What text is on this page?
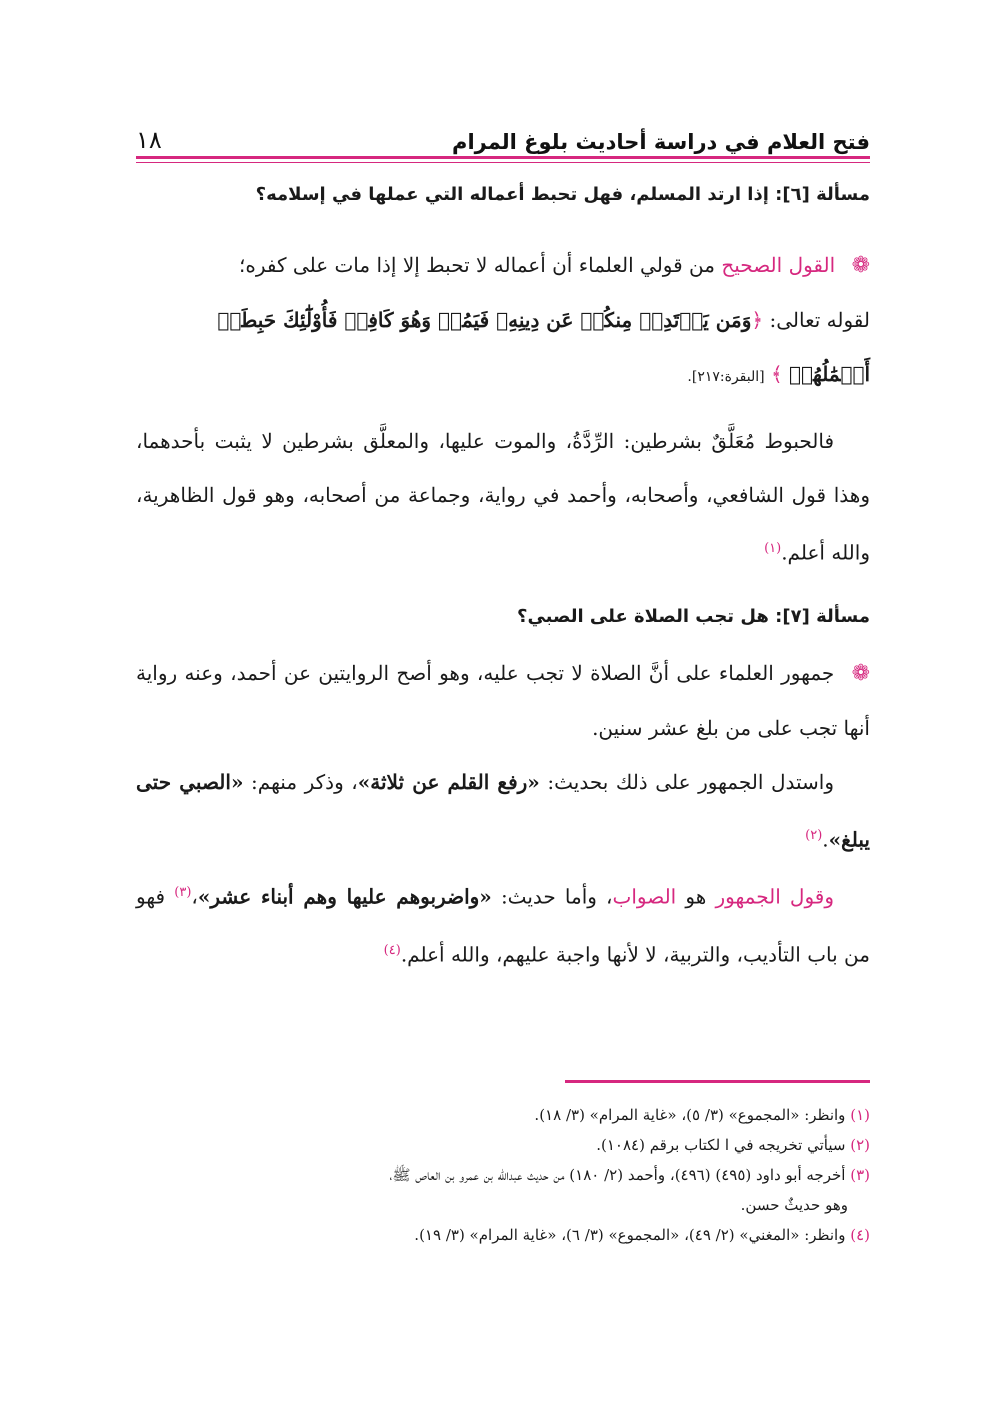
فتح العلام في دراسة أحاديث بلوغ المرام
١٨
مسألة [٦]: إذا ارتد المسلم، فهل تحبط أعماله التي عملها في إسلامه؟

❁ القول الصحيح من قولي العلماء أن أعماله لا تحبط إلا إذا مات على كفره؛

لقوله تعالى: ﴿وَمَن يَرۡتَدِدۡ مِنكُمۡ عَن دِينِهِۦ فَيَمُتۡ وَهُوَ كَافِرٞ فَأُوْلَٰٓئِكَ حَبِطَتۡ
أَعۡمَٰلُهُمۡ ﴾ [البقرة:٢١٧].

فالحبوط مُعَلَّقٌ بشرطين: الرِّدَّةُ، والموت عليها، والمعلَّق بشرطين لا يثبت بأحدهما، وهذا قول الشافعي، وأصحابه، وأحمد في رواية، وجماعة من أصحابه، وهو قول الظاهرية، والله أعلم.$^{(١)}$

مسألة [٧]: هل تجب الصلاة على الصبي؟

❁ جمهور العلماء على أنَّ الصلاة لا تجب عليه، وهو أصح الروايتين عن أحمد، وعنه رواية أنها تجب على من بلغ عشر سنين.

واستدل الجمهور على ذلك بحديث: «رفع القلم عن ثلاثة»، وذكر منهم: «الصبي حتى يبلغ».$^{(٢)}$

وقول الجمهور هو الصواب، وأما حديث: «واضربوهم عليها وهم أبناء عشر»،$^{(٣)}$ فهو من باب التأديب، والتربية، لا لأنها واجبة عليهم، والله أعلم.$^{(٤)}$

(١) وانظر: «المجموع» (٣/ ٥)، «غاية المرام» (٣/ ١٨).
(٢) سيأتي تخريجه في ا لكتاب برقم (١٠٨٤).
(٣) أخرجه أبو داود (٤٩٥) (٤٩٦)، وأحمد (٢/ ١٨٠) من حديث عبدالله بن عمرو بن العاص ﷺ،
وهو حديثٌ حسن.
(٤) وانظر: «المغني» (٢/ ٤٩)، «المجموع» (٣/ ٦)، «غاية المرام» (٣/ ١٩).
